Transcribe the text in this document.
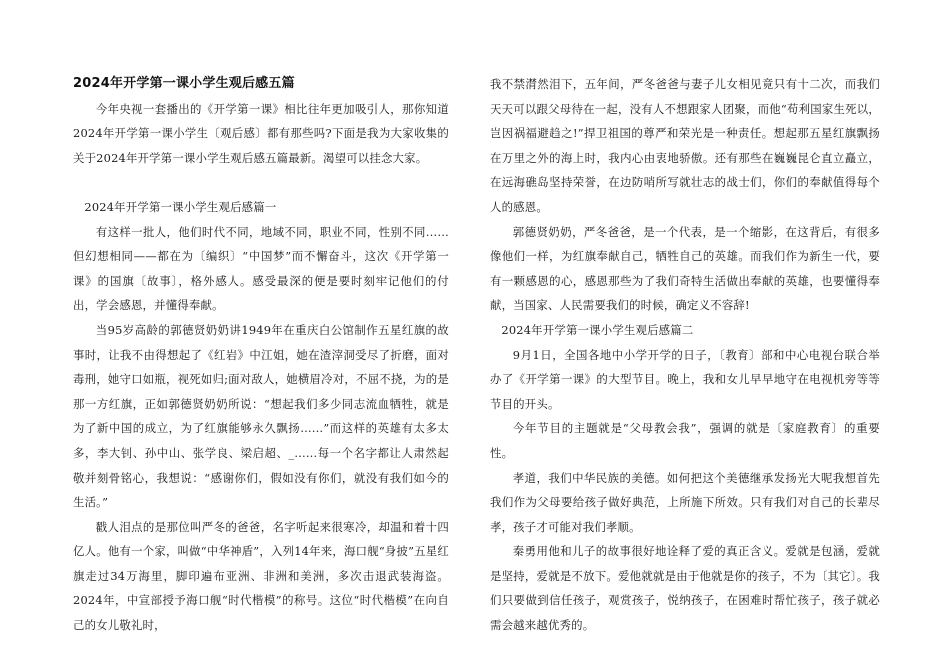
2024年开学第一课小学生观后感五篇

今年央视一套播出的《开学第一课》相比往年更加吸引人，那你知道2024年开学第一课小学生〔观后感〕都有那些吗?下面是我为大家收集的关于2024年开学第一课小学生观后感五篇最新。渴望可以挂念大家。

2024年开学第一课小学生观后感篇一

有这样一批人，他们时代不同，地域不同，职业不同，性别不同……但幻想相同——都在为〔编织〕“中国梦”而不懈奋斗，这次《开学第一课》的国旗〔故事〕，格外感人。感受最深的便是要时刻牢记他们的付出，学会感恩，并懂得奉献。

当95岁高龄的郭德贤奶奶讲1949年在重庆白公馆制作五星红旗的故事时，让我不由得想起了《红岩》中江姐，她在渣滓洞受尽了折磨，面对毒刑，她守口如瓶，视死如归;面对敌人，她横眉冷对，不屈不挠，为的是那一方红旗，正如郭德贤奶奶所说：“想起我们多少同志流血牺牲，就是为了新中国的成立，为了红旗能够永久飘扬……”而这样的英雄有太多太多，李大钊、孙中山、张学良、梁启超、_......每一个名字都让人肃然起敬并刻骨铭心，我想说：“感谢你们，假如没有你们，就没有我们如今的生活。”

戳人泪点的是那位叫严冬的爸爸，名字听起来很寒冷，却温和着十四亿人。他有一个家，叫做“中华神盾”，入列14年来，海口舰“身披”五星红旗走过34万海里，脚印遍布亚洲、非洲和美洲，多次击退武装海盗。2024年，中宣部授予海口舰“时代楷模”的称号。这位“时代楷模”在向自己的女儿敬礼时，

我不禁潸然泪下，五年间，严冬爸爸与妻子儿女相见竟只有十二次，而我们天天可以跟父母待在一起，没有人不想跟家人团聚，而他“苟利国家生死以，岂因祸福避趋之!”捍卫祖国的尊严和荣光是一种责任。想起那五星红旗飘扬在万里之外的海上时，我内心由衷地骄傲。还有那些在巍巍昆仑直立矗立，在远海礁岛坚持荣誉，在边防哨所写就壮志的战士们，你们的奉献值得每个人的感恩。

郭德贤奶奶，严冬爸爸，是一个代表，是一个缩影，在这背后，有很多像他们一样，为红旗奉献自己，牺牲自己的英雄。而我们作为新生一代，要有一颗感恩的心，感恩那些为了我们奇特生活做出奉献的英雄，也要懂得奉献，当国家、人民需要我们的时候，确定义不容辞!

2024年开学第一课小学生观后感篇二

9月1日，全国各地中小学开学的日子，〔教育〕部和中心电视台联合举办了《开学第一课》的大型节目。晚上，我和女儿早早地守在电视机旁等等节目的开头。

今年节目的主题就是“父母教会我”，强调的就是〔家庭教育〕的重要性。

孝道，我们中华民族的美德。如何把这个美德继承发扬光大呢我想首先我们作为父母要给孩子做好典范，上所施下所效。只有我们对自己的长辈尽孝，孩子才可能对我们孝顺。

秦勇用他和儿子的故事很好地诠释了爱的真正含义。爱就是包涵，爱就是坚持，爱就是不放下。爱他就就是由于他就是你的孩子，不为〔其它〕。我们只要做到信任孩子，观赏孩子，悦纳孩子，在困难时帮忙孩子，孩子就必需会越来越优秀的。
